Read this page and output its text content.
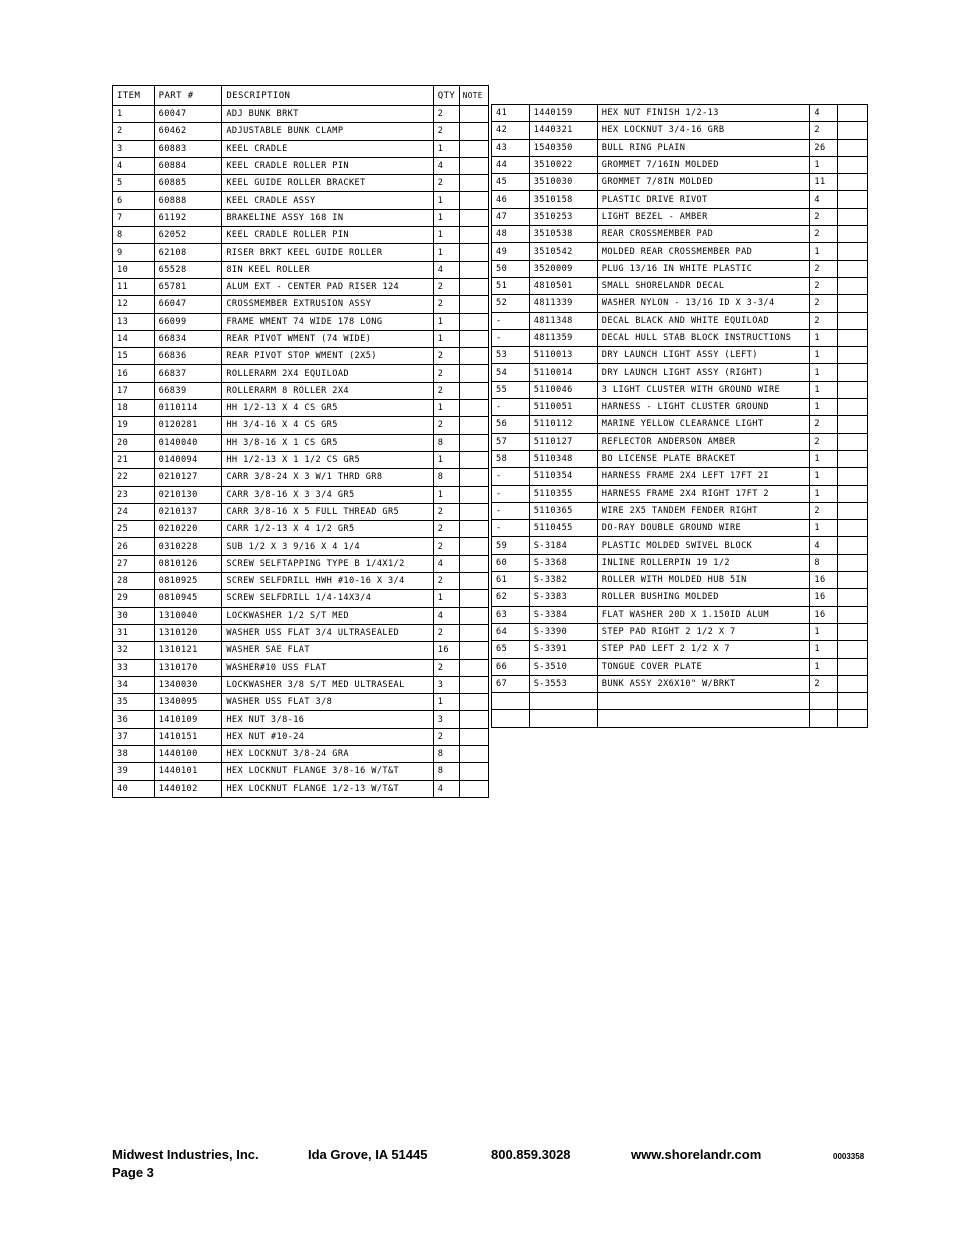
ITEM	PART #	DESCRIPTION	QTY	NOTE
1	60047	ADJ BUNK BRKT	2	
2	60462	ADJUSTABLE BUNK CLAMP	2	
3	60883	KEEL CRADLE	1	
4	60884	KEEL CRADLE ROLLER PIN	4	
5	60885	KEEL GUIDE ROLLER BRACKET	2	
6	60888	KEEL CRADLE ASSY	1	
7	61192	BRAKELINE ASSY 168 IN	1	
8	62052	KEEL CRADLE ROLLER PIN	1	
9	62108	RISER BRKT KEEL GUIDE ROLLER	1	
10	65528	8IN KEEL ROLLER	4	
11	65781	ALUM EXT - CENTER PAD RISER 124	2	
12	66047	CROSSMEMBER EXTRUSION ASSY	2	
13	66099	FRAME WMENT 74 WIDE 178 LONG	1	
14	66834	REAR PIVOT WMENT (74 WIDE)	1	
15	66836	REAR PIVOT STOP WMENT (2X5)	2	
16	66837	ROLLERARM 2X4 EQUILOAD	2	
17	66839	ROLLERARM 8 ROLLER 2X4	2	
18	0110114	HH 1/2-13 X 4 CS GR5	1	
19	0120281	HH 3/4-16 X 4 CS GR5	2	
20	0140040	HH 3/8-16 X 1 CS GR5	8	
21	0140094	HH 1/2-13 X 1 1/2 CS GR5	1	
22	0210127	CARR 3/8-24 X 3 W/1 THRD GR8	8	
23	0210130	CARR 3/8-16 X 3 3/4 GR5	1	
24	0210137	CARR 3/8-16 X 5 FULL THREAD GR5	2	
25	0210220	CARR 1/2-13 X 4 1/2 GR5	2	
26	0310228	SUB 1/2 X 3 9/16 X 4 1/4	2	
27	0810126	SCREW SELFTAPPING TYPE B 1/4X1/2	4	
28	0810925	SCREW SELFDRILL HWH #10-16 X 3/4	2	
29	0810945	SCREW SELFDRILL 1/4-14X3/4	1	
30	1310040	LOCKWASHER 1/2 S/T MED	4	
31	1310120	WASHER USS FLAT 3/4 ULTRASEALED	2	
32	1310121	WASHER SAE FLAT	16	
33	1310170	WASHER#10 USS FLAT	2	
34	1340030	LOCKWASHER 3/8 S/T MED ULTRASEAL	3	
35	1340095	WASHER USS FLAT 3/8	1	
36	1410109	HEX NUT 3/8-16	3	
37	1410151	HEX NUT #10-24	2	
38	1440100	HEX LOCKNUT 3/8-24 GRA	8	
39	1440101	HEX LOCKNUT FLANGE 3/8-16 W/T&T	8	
40	1440102	HEX LOCKNUT FLANGE 1/2-13 W/T&T	4	
41	1440159	HEX NUT FINISH 1/2-13	4	
42	1440321	HEX LOCKNUT 3/4-16 GRB	2	
43	1540350	BULL RING PLAIN	26	
44	3510022	GROMMET 7/16IN MOLDED	1	
45	3510030	GROMMET 7/8IN MOLDED	11	
46	3510158	PLASTIC DRIVE RIVOT	4	
47	3510253	LIGHT BEZEL - AMBER	2	
48	3510538	REAR CROSSMEMBER PAD	2	
49	3510542	MOLDED REAR CROSSMEMBER PAD	1	
50	3520009	PLUG 13/16 IN WHITE PLASTIC	2	
51	4810501	SMALL SHORELANDR DECAL	2	
52	4811339	WASHER NYLON - 13/16 ID X 3-3/4	2	
-	4811348	DECAL BLACK AND WHITE EQUILOAD	2	
-	4811359	DECAL HULL STAB BLOCK INSTRUCTIONS	1	
53	5110013	DRY LAUNCH LIGHT ASSY (LEFT)	1	
54	5110014	DRY LAUNCH LIGHT ASSY (RIGHT)	1	
55	5110046	3 LIGHT CLUSTER WITH GROUND WIRE	1	
-	5110051	HARNESS - LIGHT CLUSTER GROUND	1	
56	5110112	MARINE YELLOW CLEARANCE LIGHT	2	
57	5110127	REFLECTOR ANDERSON AMBER	2	
58	5110348	BO LICENSE PLATE BRACKET	1	
-	5110354	HARNESS FRAME 2X4 LEFT 17FT 2I	1	
-	5110355	HARNESS FRAME 2X4 RIGHT 17FT 2	1	
-	5110365	WIRE 2X5 TANDEM FENDER RIGHT	2	
-	5110455	DO-RAY DOUBLE GROUND WIRE	1	
59	S-3184	PLASTIC MOLDED SWIVEL BLOCK	4	
60	S-3368	INLINE ROLLERPIN 19 1/2	8	
61	S-3382	ROLLER WITH MOLDED HUB 5IN	16	
62	S-3383	ROLLER BUSHING MOLDED	16	
63	S-3384	FLAT WASHER 20D X 1.150ID ALUM	16	
64	S-3390	STEP PAD RIGHT 2 1/2 X 7	1	
65	S-3391	STEP PAD LEFT 2 1/2 X 7	1	
66	S-3510	TONGUE COVER PLATE	1	
67	S-3553	BUNK ASSY 2X6X10" W/BRKT	2	

Midwest Industries, Inc.	Ida Grove, IA 51445	800.859.3028	www.shorelandr.com	0003358
Page 3
